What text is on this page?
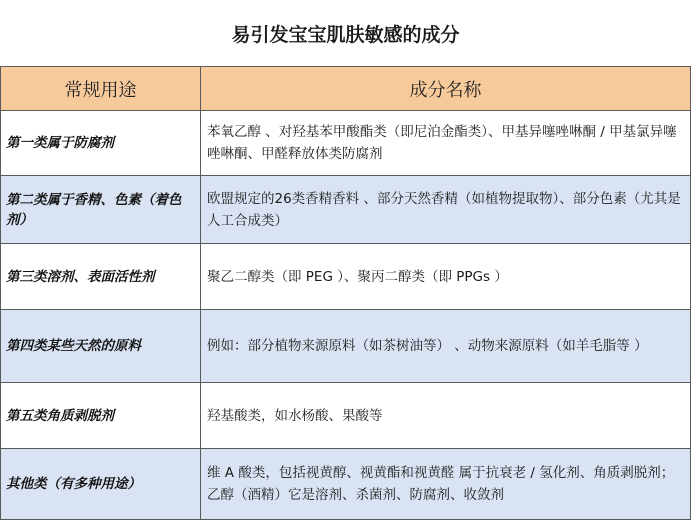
易引发宝宝肌肤敏感的成分
常规用途	成分名称
第一类属于防腐剂	苯氧乙醇 、对羟基苯甲酸酯类（即尼泊金酯类）、甲基异噻唑啉酮 / 甲基氯异噻唑啉酮、甲醛释放体类防腐剂
第二类属于香精、色素（着色剂）	欧盟规定的26类香精香料 、部分天然香精（如植物提取物）、部分色素（尤其是人工合成类）
第三类溶剂、表面活性剂	聚乙二醇类（即 PEG ）、聚丙二醇类（即 PPGs ）
第四类某些天然的原料	例如：部分植物来源原料（如茶树油等） 、动物来源原料（如羊毛脂等 ）
第五类角质剥脱剂	羟基酸类，如水杨酸、果酸等
其他类（有多种用途）	维 A 酸类，包括视黄醇、视黄酯和视黄醛 属于抗衰老 / 氢化剂、角质剥脱剂；乙醇（酒精）它是溶剂、杀菌剂、防腐剂、收敛剂
